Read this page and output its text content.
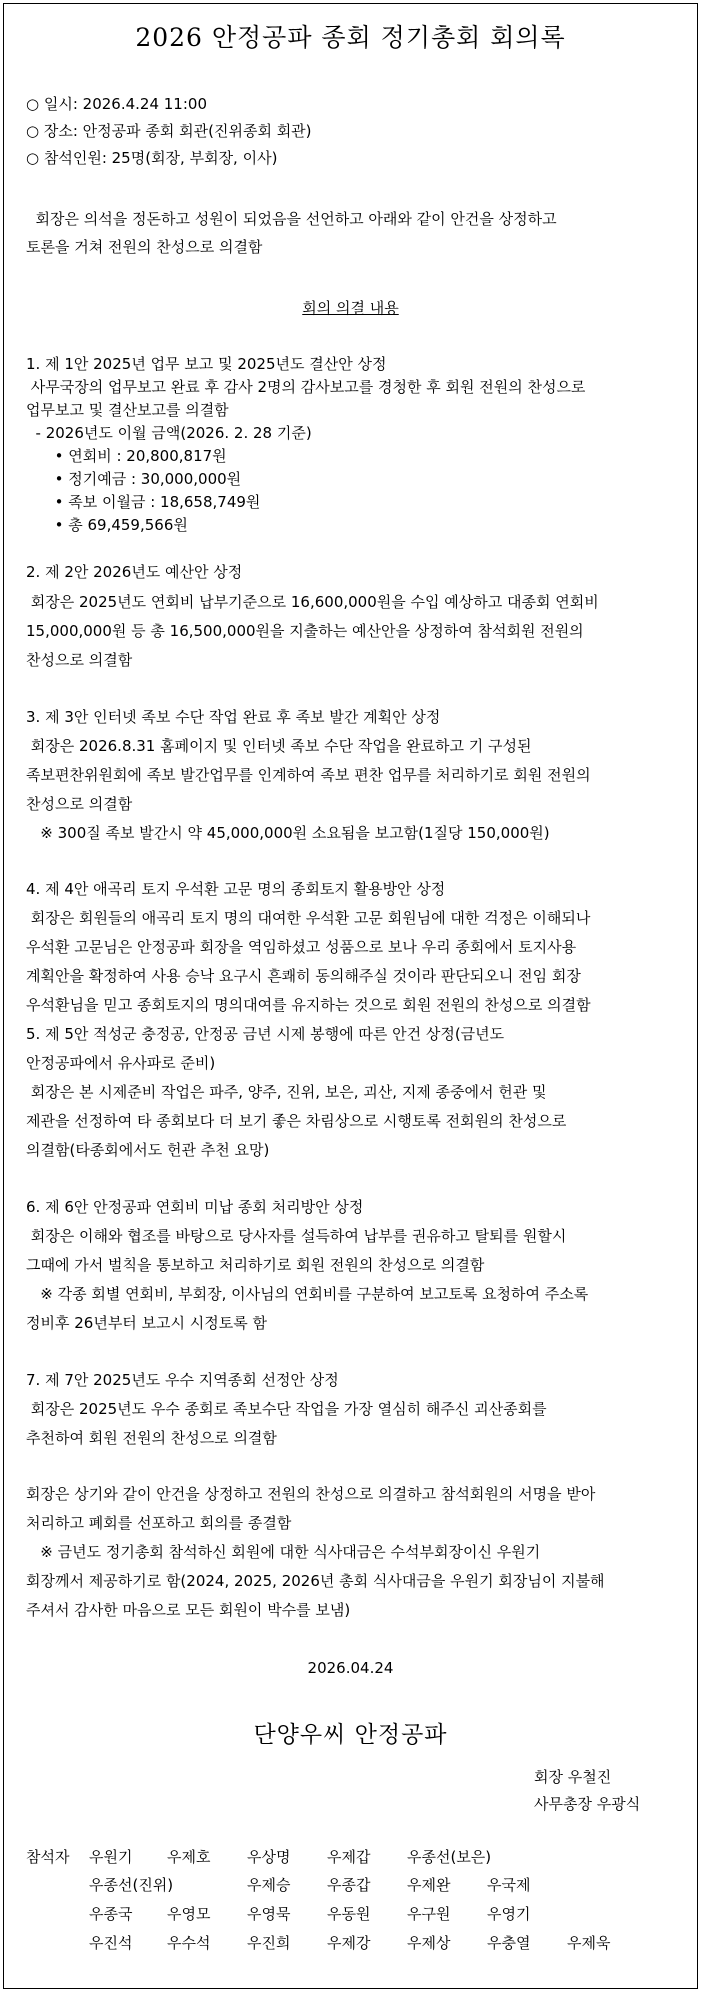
2026 안정공파 종회 정기총회 회의록
○ 일시: 2026.4.24 11:00
○ 장소: 안정공파 종회 회관(진위종회 회관)
○ 참석인원: 25명(회장, 부회장, 이사)
회장은 의석을 정돈하고 성원이 되었음을 선언하고 아래와 같이 안건을 상정하고
토론을 거쳐 전원의 찬성으로 의결함
회의 의결 내용
1. 제 1안 2025년 업무 보고 및 2025년도 결산안 상정
사무국장의 업무보고 완료 후 감사 2명의 감사보고를 경청한 후 회원 전원의 찬성으로
업무보고 및 결산보고를 의결함
- 2026년도 이월 금액(2026. 2. 28 기준)
• 연회비 : 20,800,817원
• 정기예금 : 30,000,000원
• 족보 이월금 : 18,658,749원
• 총 69,459,566원
2. 제 2안 2026년도 예산안 상정
회장은 2025년도 연회비 납부기준으로 16,600,000원을 수입 예상하고 대종회 연회비
15,000,000원 등 총 16,500,000원을 지출하는 예산안을 상정하여 참석회원 전원의
찬성으로 의결함
3. 제 3안 인터넷 족보 수단 작업 완료 후 족보 발간 계획안 상정
회장은 2026.8.31 홈페이지 및 인터넷 족보 수단 작업을 완료하고 기 구성된
족보편찬위원회에 족보 발간업무를 인계하여 족보 편찬 업무를 처리하기로 회원 전원의
찬성으로 의결함
※ 300질 족보 발간시 약 45,000,000원 소요됨을 보고함(1질당 150,000원)
4. 제 4안 애곡리 토지 우석환 고문 명의 종회토지 활용방안 상정
회장은 회원들의 애곡리 토지 명의 대여한 우석환 고문 회원님에 대한 걱정은 이해되나
우석환 고문님은 안정공파 회장을 역임하셨고 성품으로 보나 우리 종회에서 토지사용
계획안을 확정하여 사용 승낙 요구시 흔쾌히 동의해주실 것이라 판단되오니 전임 회장
우석환님을 믿고 종회토지의 명의대여를 유지하는 것으로 회원 전원의 찬성으로 의결함
5. 제 5안 적성군 충정공, 안정공 금년 시제 봉행에 따른 안건 상정(금년도
안정공파에서 유사파로 준비)
회장은 본 시제준비 작업은 파주, 양주, 진위, 보은, 괴산, 지제 종중에서 헌관 및
제관을 선정하여 타 종회보다 더 보기 좋은 차림상으로 시행토록 전회원의 찬성으로
의결함(타종회에서도 헌관 추천 요망)
6. 제 6안 안정공파 연회비 미납 종회 처리방안 상정
회장은 이해와 협조를 바탕으로 당사자를 설득하여 납부를 권유하고 탈퇴를 원할시
그때에 가서 벌칙을 통보하고 처리하기로 회원 전원의 찬성으로 의결함
※ 각종 회별 연회비, 부회장, 이사님의 연회비를 구분하여 보고토록 요청하여 주소록
정비후 26년부터 보고시 시정토록 함
7. 제 7안 2025년도 우수 지역종회 선정안 상정
회장은 2025년도 우수 종회로 족보수단 작업을 가장 열심히 해주신 괴산종회를
추천하여 회원 전원의 찬성으로 의결함
회장은 상기와 같이 안건을 상정하고 전원의 찬성으로 의결하고 참석회원의 서명을 받아
처리하고 폐회를 선포하고 회의를 종결함
※ 금년도 정기총회 참석하신 회원에 대한 식사대금은 수석부회장이신 우원기
회장께서 제공하기로 함(2024, 2025, 2026년 총회 식사대금을 우원기 회장님이 지불해
주셔서 감사한 마음으로 모든 회원이 박수를 보냄)
2026.04.24
단양우씨 안정공파
회장 우철진
사무총장 우광식
참석자 우원기 우제호 우상명 우제갑 우종선(보은)
우종선(진위)	우제승 우종갑 우제완 우국제
우종국 우영모 우영묵 우동원 우구원 우영기
우진석 우수석 우진희 우제강 우제상 우충열 우제욱
